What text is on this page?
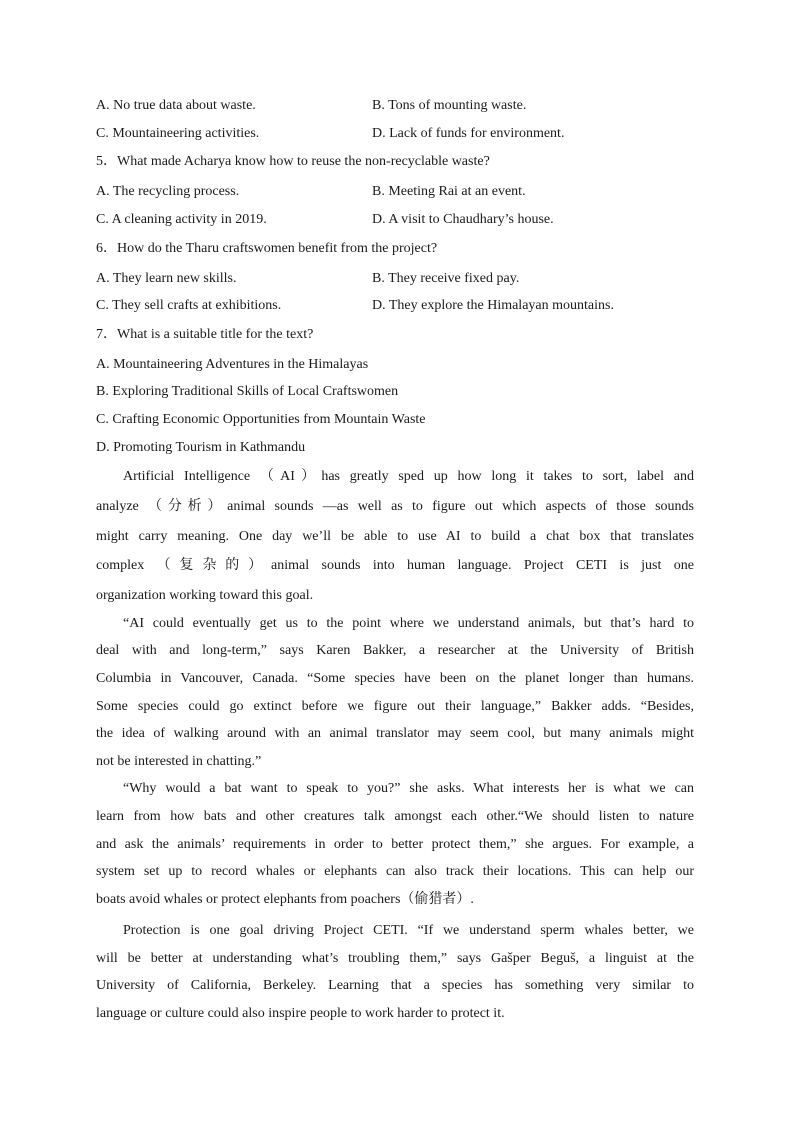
A. No true data about waste.	B. Tons of mounting waste.
C. Mountaineering activities.	D. Lack of funds for environment.
5．What made Acharya know how to reuse the non-recyclable waste?
A. The recycling process.	B. Meeting Rai at an event.
C. A cleaning activity in 2019.	D. A visit to Chaudhary’s house.
6．How do the Tharu craftswomen benefit from the project?
A. They learn new skills.	B. They receive fixed pay.
C. They sell crafts at exhibitions.	D. They explore the Himalayan mountains.
7．What is a suitable title for the text?
A. Mountaineering Adventures in the Himalayas
B. Exploring Traditional Skills of Local Craftswomen
C. Crafting Economic Opportunities from Mountain Waste
D. Promoting Tourism in Kathmandu
Artificial Intelligence （AI）has greatly sped up how long it takes to sort, label and
analyze （分析）animal sounds —as well as to figure out which aspects of those sounds
might carry meaning. One day we’ll be able to use AI to build a chat box that translates
complex （复杂的）animal sounds into human language. Project CETI is just one
organization working toward this goal.
“AI could eventually get us to the point where we understand animals, but that’s hard to
deal with and long-term,” says Karen Bakker, a researcher at the University of British
Columbia in Vancouver, Canada. “Some species have been on the planet longer than humans.
Some species could go extinct before we figure out their language,” Bakker adds. “Besides,
the idea of walking around with an animal translator may seem cool, but many animals might
not be interested in chatting.”
“Why would a bat want to speak to you?” she asks. What interests her is what we can
learn from how bats and other creatures talk amongst each other.“We should listen to nature
and ask the animals’ requirements in order to better protect them,” she argues. For example, a
system set up to record whales or elephants can also track their locations. This can help our
boats avoid whales or protect elephants from poachers（偷猎者）.
Protection is one goal driving Project CETI. “If we understand sperm whales better, we
will be better at understanding what’s troubling them,” says Gašper Beguš, a linguist at the
University of California, Berkeley. Learning that a species has something very similar to
language or culture could also inspire people to work harder to protect it.
